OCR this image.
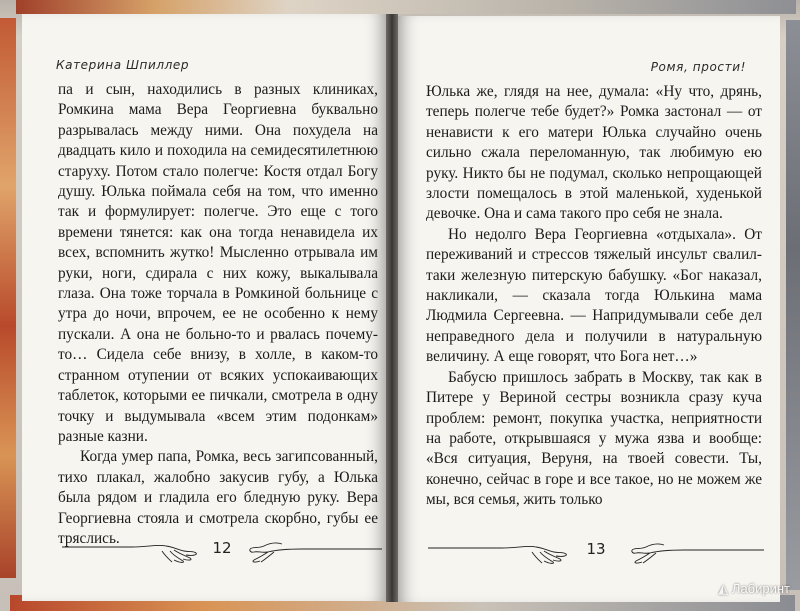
Катерина Шпиллер

па и сын, находились в разных клиниках, Ромкина мама Вера Георгиевна буквально разрывалась между ними. Она похудела на двадцать кило и походила на семидесятилетнюю старуху. Потом стало полегче: Костя отдал Богу душу. Юлька поймала себя на том, что именно так и формулирует: полегче. Это еще с того времени тянется: как она тогда ненавидела их всех, вспомнить жутко! Мысленно отрывала им руки, ноги, сдирала с них кожу, выкалывала глаза. Она тоже торчала в Ромкиной больнице с утра до ночи, впрочем, ее не особенно к нему пускали. А она не больно-то и рвалась почему-то… Сидела себе внизу, в холле, в каком-то странном отупении от всяких успокаивающих таблеток, которыми ее пичкали, смотрела в одну точку и выдумывала «всем этим подонкам» разные казни.

Когда умер папа, Ромка, весь загипсованный, тихо плакал, жалобно закусив губу, а Юлька была рядом и гладила его бледную руку. Вера Георгиевна стояла и смотрела скорбно, губы ее тряслись.

12
Ромя, прости!

Юлька же, глядя на нее, думала: «Ну что, дрянь, теперь полегче тебе будет?» Ромка застонал — от ненависти к его матери Юлька случайно очень сильно сжала переломанную, так любимую ею руку. Никто бы не подумал, сколько непрощающей злости помещалось в этой маленькой, худенькой девочке. Она и сама такого про себя не знала.

Но недолго Вера Георгиевна «отдыхала». От переживаний и стрессов тяжелый инсульт свалил-таки железную питерскую бабушку. «Бог наказал, накликали, — сказала тогда Юлькина мама Людмила Сергеевна. — Напридумывали себе дел неправедного дела и получили в натуральную величину. А еще говорят, что Бога нет…»

Бабусю пришлось забрать в Москву, так как в Питере у Вериной сестры возникла сразу куча проблем: ремонт, покупка участка, неприятности на работе, открывшаяся у мужа язва и вообще: «Вся ситуация, Веруня, на твоей совести. Ты, конечно, сейчас в горе и все такое, но не можем же мы, вся семья, жить только

13
◭ Лабиринт
